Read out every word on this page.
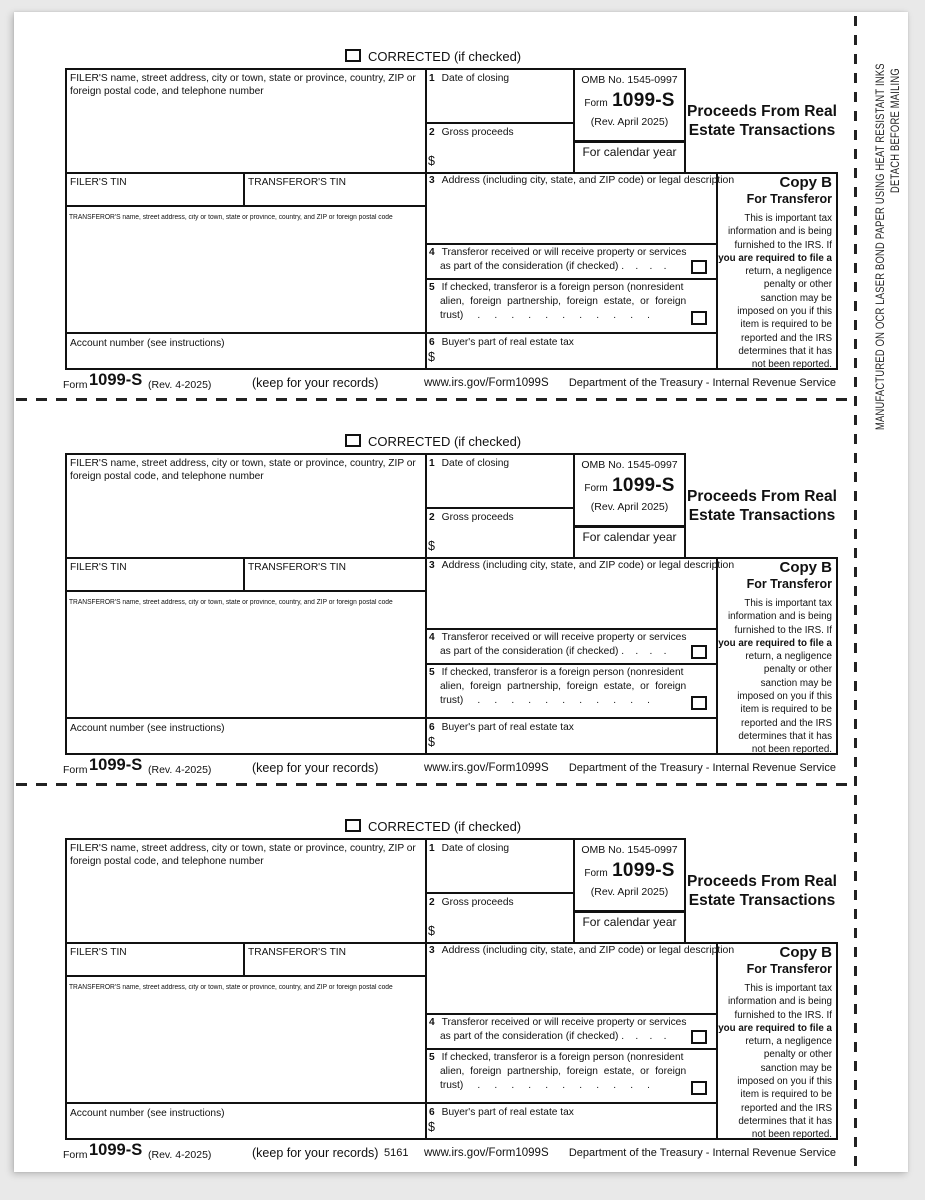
DETACH BEFORE MAILING
MANUFACTURED ON OCR LASER BOND PAPER USING HEAT RESISTANT INKS
CORRECTED (if checked)
FILER'S name, street address, city or town, state or province, country, ZIP or foreign postal code, and telephone number
1 Date of closing
2 Gross proceeds
$
OMB No. 1545-0997
Form 1099-S
(Rev. April 2025)
For calendar year
Proceeds From Real
Estate Transactions
FILER'S TIN	TRANSFEROR'S TIN	3 Address (including city, state, and ZIP code) or legal description
TRANSFEROR'S name, street address, city or town, state or province, country, and ZIP or foreign postal code
4 Transferor received or will receive property or services
as part of the consideration (if checked) .    .    .    .
5 If checked, transferor is a foreign person (nonresident
alien, foreign partnership, foreign estate, or foreign
trust)     .     .     .     .     .     .     .     .     .     .     .
Account number (see instructions)	6 Buyer's part of real estate tax
$
Copy B
For Transferor
This is important tax
information and is being
furnished to the IRS. If
you are required to file a
return, a negligence
penalty or other
sanction may be
imposed on you if this
item is required to be
reported and the IRS
determines that it has
not been reported.
Form 1099-S (Rev. 4-2025)	(keep for your records)	www.irs.gov/Form1099S	Department of the Treasury - Internal Revenue Service
CORRECTED (if checked)
FILER'S name, street address, city or town, state or province, country, ZIP or foreign postal code, and telephone number
1 Date of closing
2 Gross proceeds
$
OMB No. 1545-0997
Form 1099-S
(Rev. April 2025)
For calendar year
Proceeds From Real
Estate Transactions
FILER'S TIN	TRANSFEROR'S TIN	3 Address (including city, state, and ZIP code) or legal description
TRANSFEROR'S name, street address, city or town, state or province, country, and ZIP or foreign postal code
4 Transferor received or will receive property or services
as part of the consideration (if checked) .    .    .    .
5 If checked, transferor is a foreign person (nonresident
alien, foreign partnership, foreign estate, or foreign
trust)     .     .     .     .     .     .     .     .     .     .     .
Account number (see instructions)	6 Buyer's part of real estate tax
$
Copy B
For Transferor
This is important tax
information and is being
furnished to the IRS. If
you are required to file a
return, a negligence
penalty or other
sanction may be
imposed on you if this
item is required to be
reported and the IRS
determines that it has
not been reported.
Form 1099-S (Rev. 4-2025)	(keep for your records)	www.irs.gov/Form1099S	Department of the Treasury - Internal Revenue Service
CORRECTED (if checked)
FILER'S name, street address, city or town, state or province, country, ZIP or foreign postal code, and telephone number
1 Date of closing
2 Gross proceeds
$
OMB No. 1545-0997
Form 1099-S
(Rev. April 2025)
For calendar year
Proceeds From Real
Estate Transactions
FILER'S TIN	TRANSFEROR'S TIN	3 Address (including city, state, and ZIP code) or legal description
TRANSFEROR'S name, street address, city or town, state or province, country, and ZIP or foreign postal code
4 Transferor received or will receive property or services
as part of the consideration (if checked) .    .    .    .
5 If checked, transferor is a foreign person (nonresident
alien, foreign partnership, foreign estate, or foreign
trust)     .     .     .     .     .     .     .     .     .     .     .
Account number (see instructions)	6 Buyer's part of real estate tax
$
Copy B
For Transferor
This is important tax
information and is being
furnished to the IRS. If
you are required to file a
return, a negligence
penalty or other
sanction may be
imposed on you if this
item is required to be
reported and the IRS
determines that it has
not been reported.
Form 1099-S (Rev. 4-2025)	(keep for your records) 5161 www.irs.gov/Form1099S	Department of the Treasury - Internal Revenue Service
